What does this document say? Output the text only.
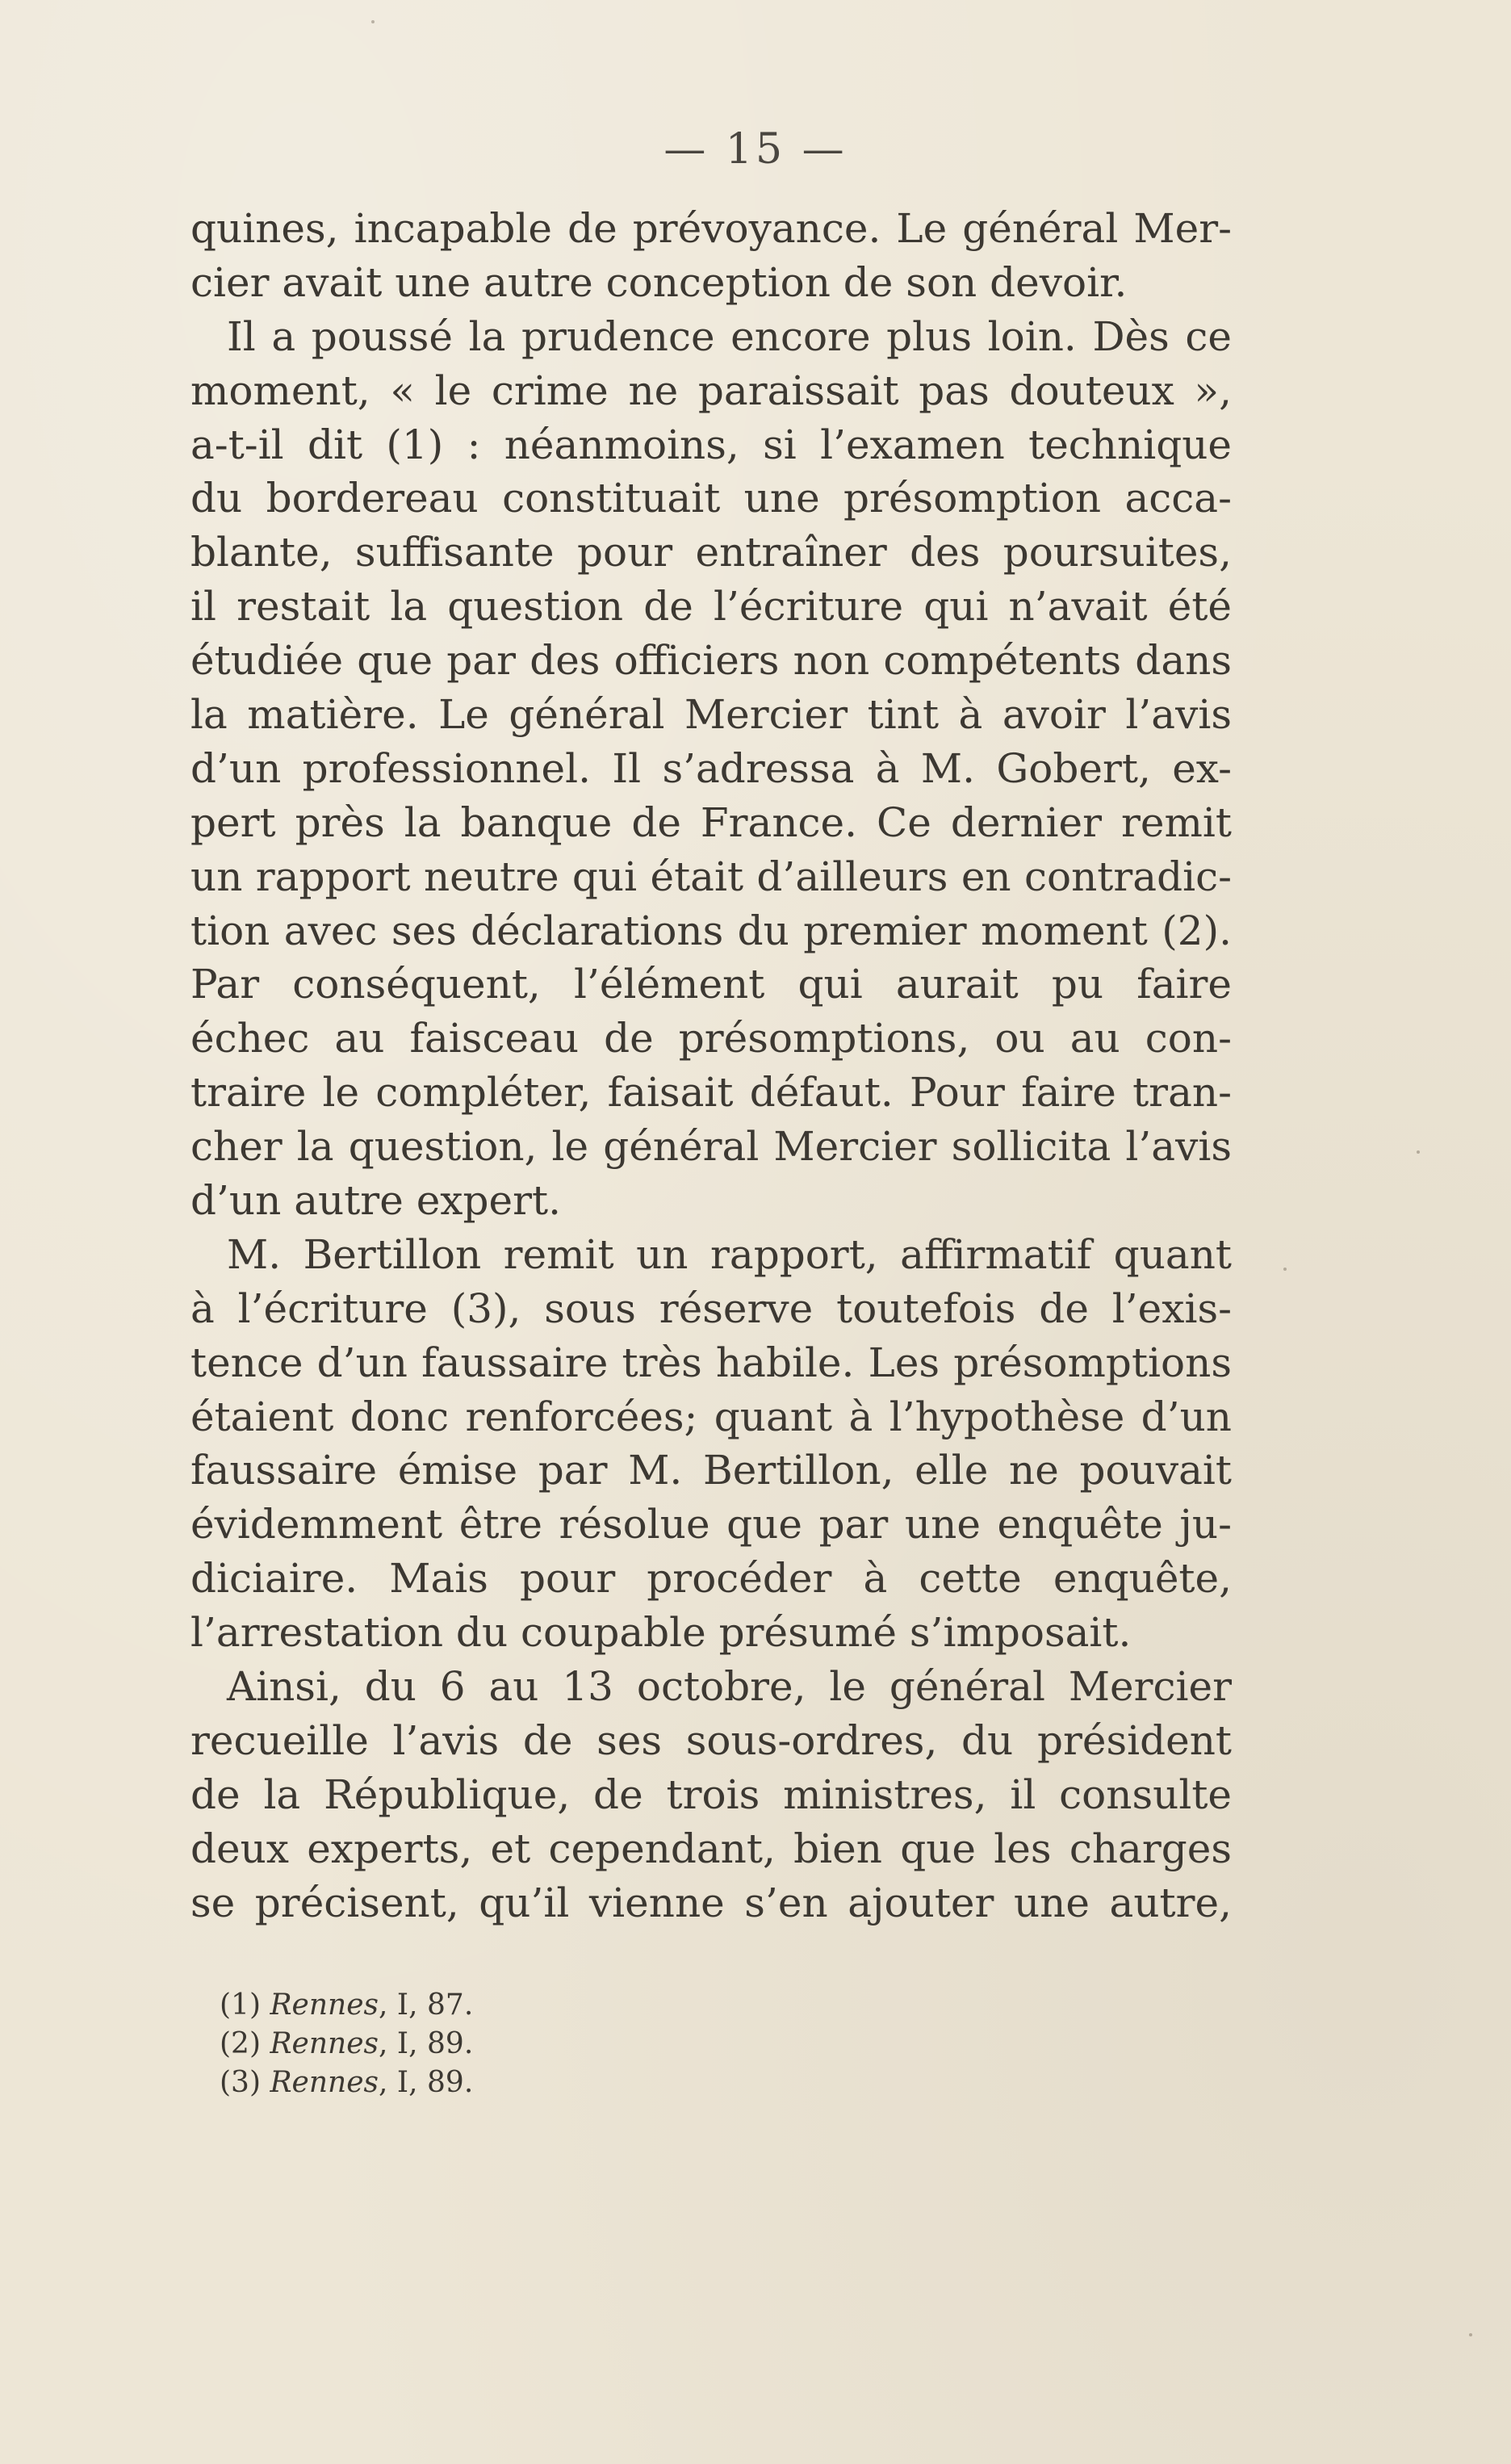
— 15 —
quines, incapable de prévoyance. Le général Mer-
cier avait une autre conception de son devoir.
Il a poussé la prudence encore plus loin. Dès ce
moment, « le crime ne paraissait pas douteux »,
a-t-il dit (1) : néanmoins, si l’examen technique
du bordereau constituait une présomption acca-
blante, suffisante pour entraîner des poursuites,
il restait la question de l’écriture qui n’avait été
étudiée que par des officiers non compétents dans
la matière. Le général Mercier tint à avoir l’avis
d’un professionnel. Il s’adressa à M. Gobert, ex-
pert près la banque de France. Ce dernier remit
un rapport neutre qui était d’ailleurs en contradic-
tion avec ses déclarations du premier moment (2).
Par conséquent, l’élément qui aurait pu faire
échec au faisceau de présomptions, ou au con-
traire le compléter, faisait défaut. Pour faire tran-
cher la question, le général Mercier sollicita l’avis
d’un autre expert.
M. Bertillon remit un rapport, affirmatif quant
à l’écriture (3), sous réserve toutefois de l’exis-
tence d’un faussaire très habile. Les présomptions
étaient donc renforcées; quant à l’hypothèse d’un
faussaire émise par M. Bertillon, elle ne pouvait
évidemment être résolue que par une enquête ju-
diciaire. Mais pour procéder à cette enquête,
l’arrestation du coupable présumé s’imposait.
Ainsi, du 6 au 13 octobre, le général Mercier
recueille l’avis de ses sous-ordres, du président
de la République, de trois ministres, il consulte
deux experts, et cependant, bien que les charges
se précisent, qu’il vienne s’en ajouter une autre,
(1) Rennes, I, 87.
(2) Rennes, I, 89.
(3) Rennes, I, 89.
